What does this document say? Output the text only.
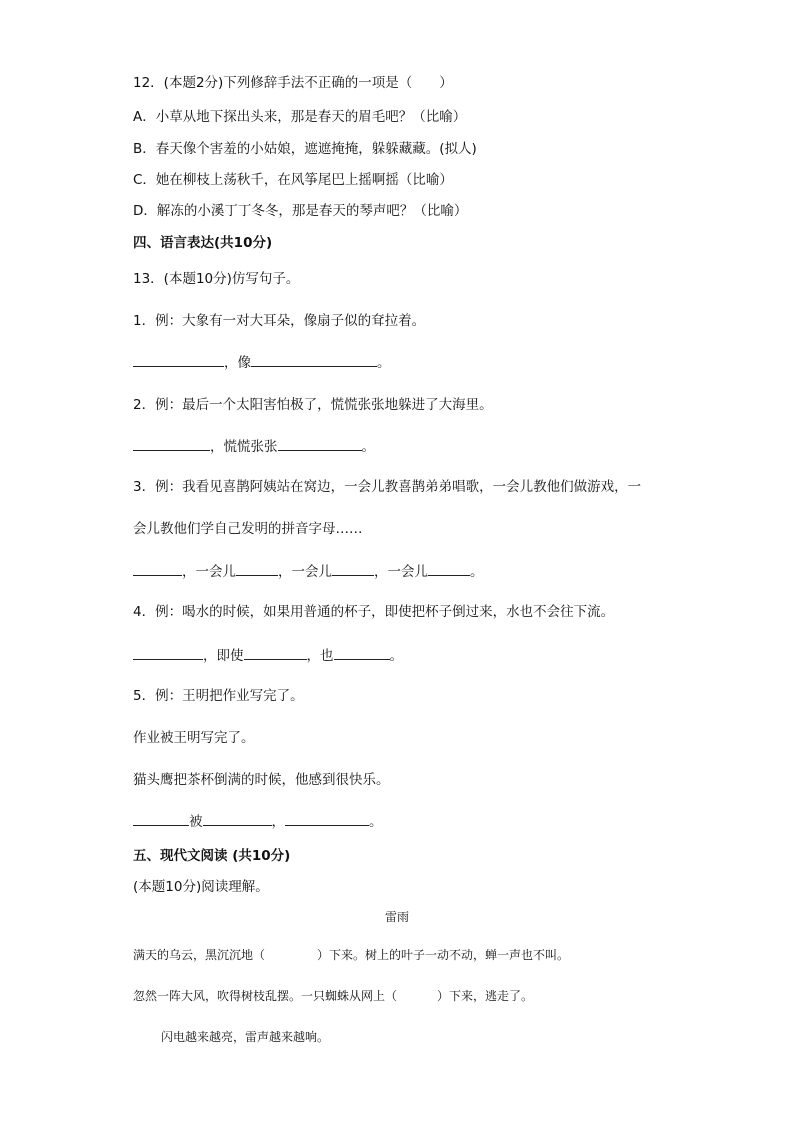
12．(本题2分)下列修辞手法不正确的一项是（　　）
A．小草从地下探出头来，那是春天的眉毛吧？（比喻）
B．春天像个害羞的小姑娘，遮遮掩掩，躲躲藏藏。(拟人)
C．她在柳枝上荡秋千，在风筝尾巴上摇啊摇（比喻）
D．解冻的小溪丁丁冬冬，那是春天的琴声吧？（比喻）
四、语言表达(共10分)
13．(本题10分)仿写句子。
1．例：大象有一对大耳朵，像扇子似的耷拉着。
，像	。
2．例：最后一个太阳害怕极了，慌慌张张地躲进了大海里。
，慌慌张张	。
3．例：我看见喜鹊阿姨站在窝边，一会儿教喜鹊弟弟唱歌，一会儿教他们做游戏，一
会儿教他们学自己发明的拼音字母……
，一会儿	，一会儿	，一会儿	。
4．例：喝水的时候，如果用普通的杯子，即使把杯子倒过来，水也不会往下流。
，即使	，也	。
5．例：王明把作业写完了。
作业被王明写完了。
猫头鹰把茶杯倒满的时候，他感到很快乐。
被	，	。
五、现代文阅读 (共10分)
(本题10分)阅读理解。
雷雨
满天的乌云，黑沉沉地（	）下来。树上的叶子一动不动，蝉一声也不叫。
忽然一阵大风，吹得树枝乱摆。一只蜘蛛从网上（	）下来，逃走了。
闪电越来越亮，雷声越来越响。
